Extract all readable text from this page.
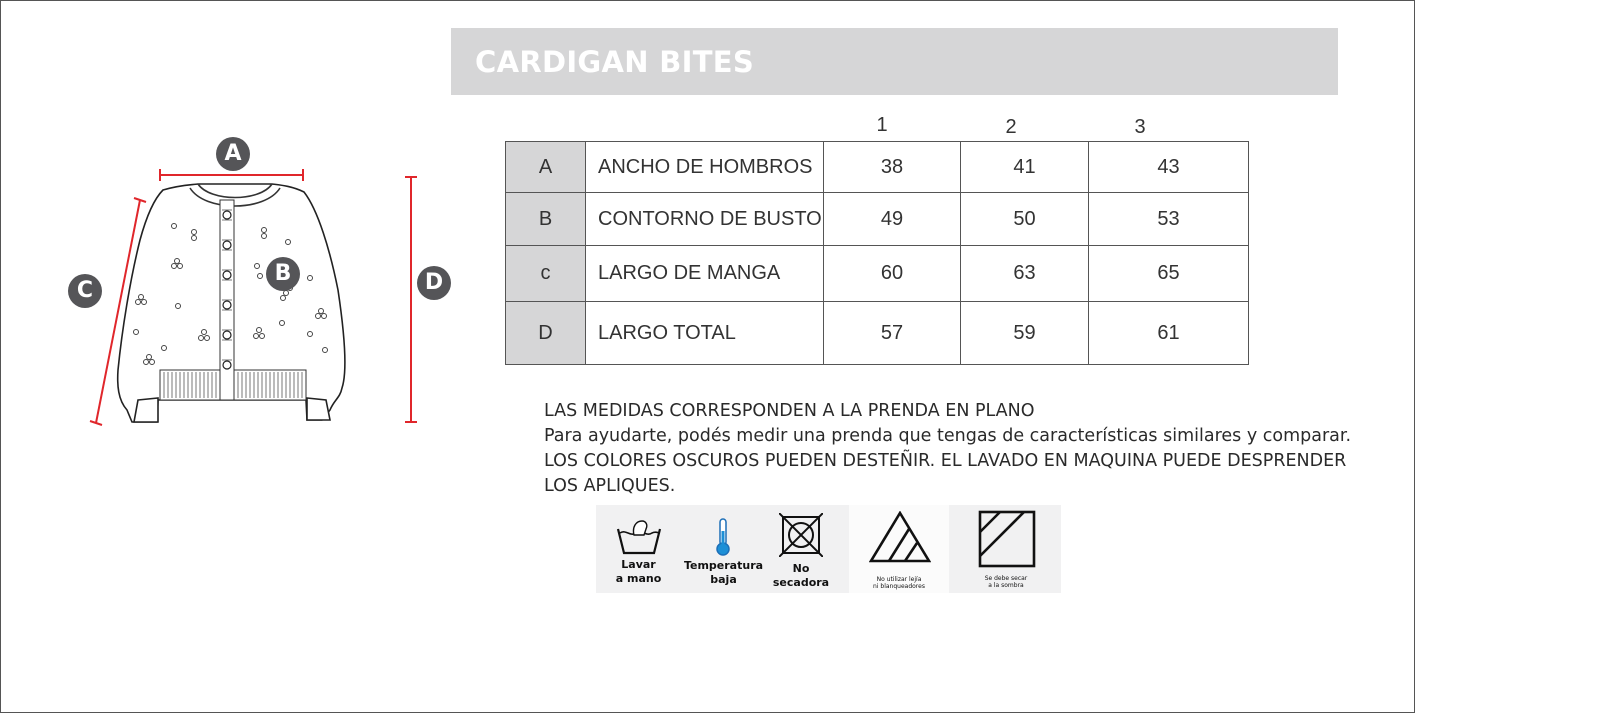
CARDIGAN BITES
A
B
C	D
1	2	3
A	ANCHO DE HOMBROS	38	41	43
B	CONTORNO DE BUSTO	49	50	53
c	LARGO DE MANGA	60	63	65
D	LARGO TOTAL	57	59	61
LAS MEDIDAS CORRESPONDEN A LA PRENDA EN PLANO
Para ayudarte, podés medir una prenda que tengas de características similares y comparar.
LOS COLORES OSCUROS PUEDEN DESTEÑIR. EL LAVADO EN MAQUINA PUEDE DESPRENDER
LOS APLIQUES.
Lavar
a mano
Temperatura
baja
No
secadora	No utilizar lejía
ni blanqueadores
Se debe secar
a la sombra
